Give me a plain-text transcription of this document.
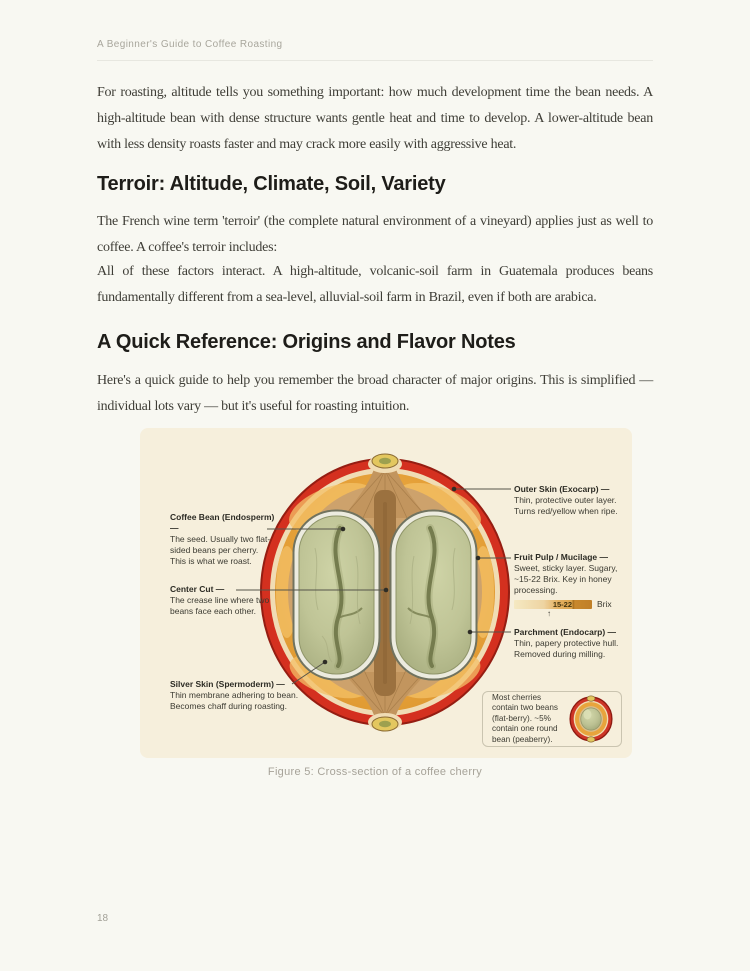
A Beginner's Guide to Coffee Roasting

For roasting, altitude tells you something important: how much development time the bean needs. A high-altitude bean with dense structure wants gentle heat and time to develop. A lower-altitude bean with less density roasts faster and may crack more easily with aggressive heat.

Terroir: Altitude, Climate, Soil, Variety

The French wine term 'terroir' (the complete natural environment of a vineyard) applies just as well to coffee. A coffee's terroir includes:

All of these factors interact. A high-altitude, volcanic-soil farm in Guatemala produces beans fundamentally different from a sea-level, alluvial-soil farm in Brazil, even if both are arabica.

A Quick Reference: Origins and Flavor Notes

Here's a quick guide to help you remember the broad character of major origins. This is simplified — individual lots vary — but it's useful for roasting intuition.

Coffee Bean (Endosperm) —
The seed. Usually two flat-sided beans per cherry. This is what we roast.
Center Cut —
The crease line where two beans face each other.
Silver Skin (Spermoderm) —
Thin membrane adhering to bean. Becomes chaff during roasting.
Outer Skin (Exocarp) —
Thin, protective outer layer. Turns red/yellow when ripe.
Fruit Pulp / Mucilage —
Sweet, sticky layer. Sugary, ~15-22 Brix. Key in honey processing.
15-22	Brix
↑
Parchment (Endocarp) —
Thin, papery protective hull. Removed during milling.
Most cherries contain two beans (flat-berry). ~5% contain one round bean (peaberry).
Figure 5: Cross-section of a coffee cherry
18
